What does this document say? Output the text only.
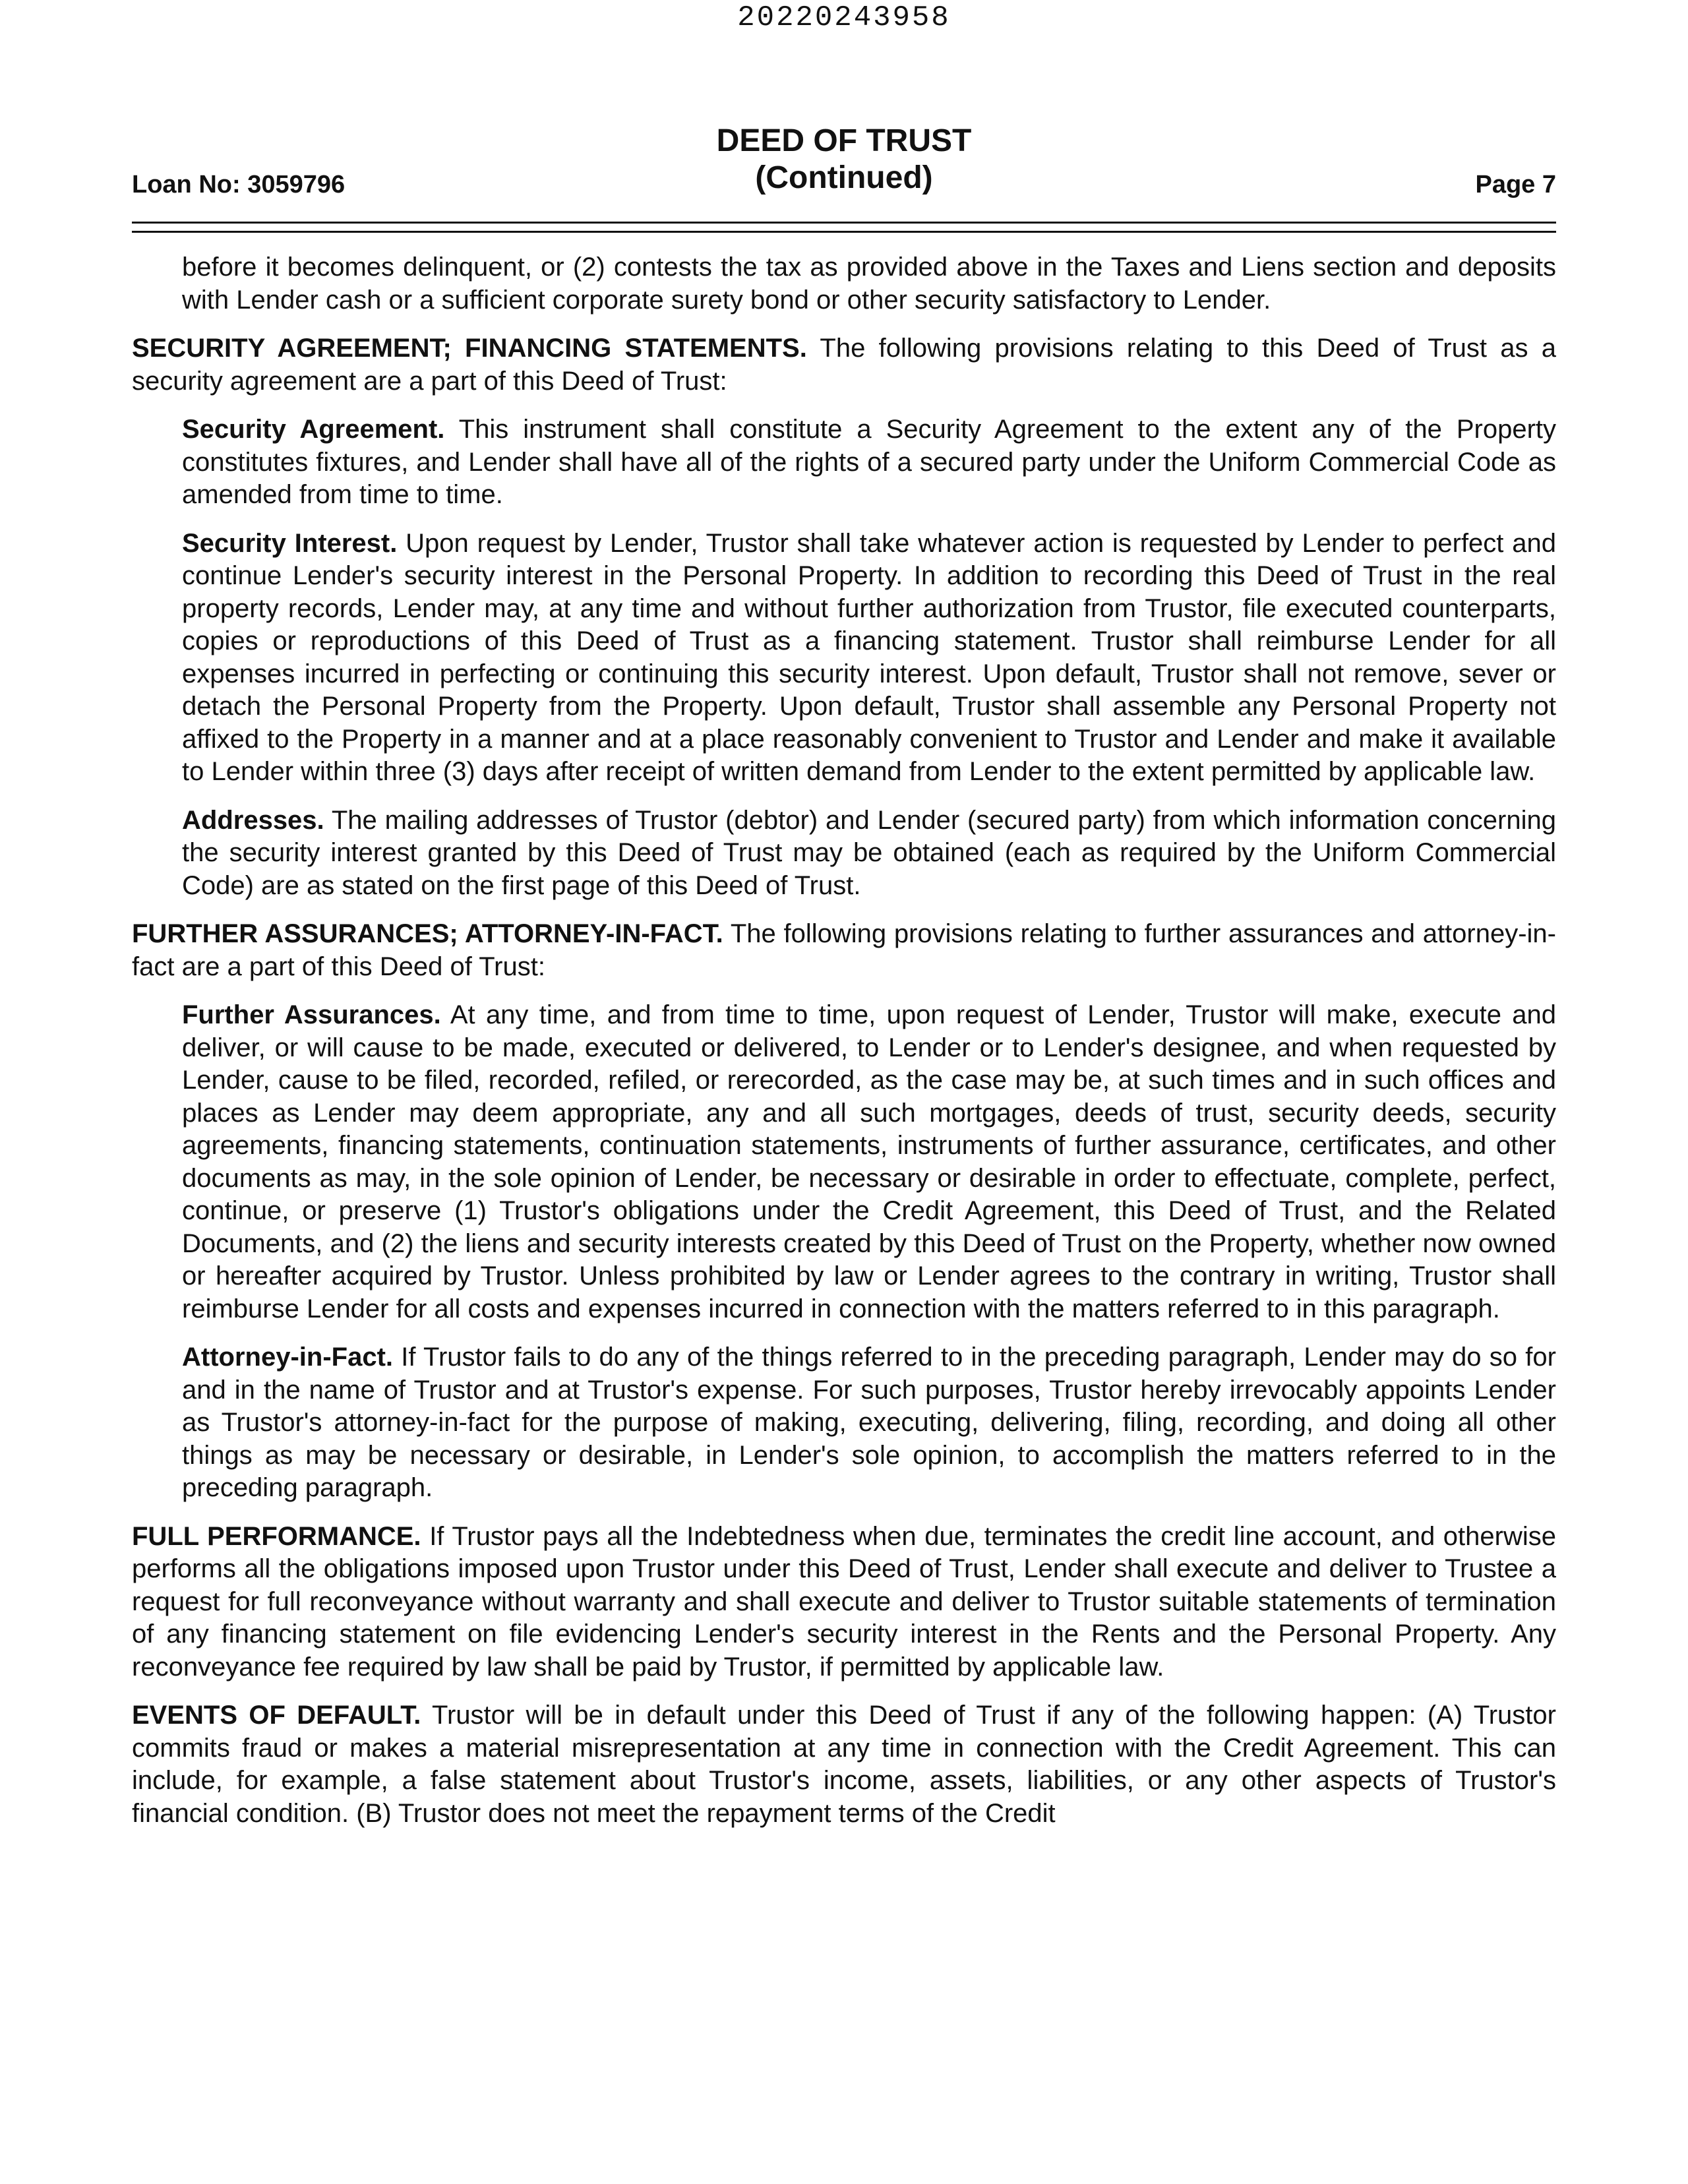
20220243958
Loan No: 3059796
DEED OF TRUST
(Continued)	Page 7

before it becomes delinquent, or (2) contests the tax as provided above in the Taxes and Liens section and deposits with Lender cash or a sufficient corporate surety bond or other security satisfactory to Lender.

SECURITY AGREEMENT; FINANCING STATEMENTS. The following provisions relating to this Deed of Trust as a security agreement are a part of this Deed of Trust:

Security Agreement. This instrument shall constitute a Security Agreement to the extent any of the Property constitutes fixtures, and Lender shall have all of the rights of a secured party under the Uniform Commercial Code as amended from time to time.

Security Interest. Upon request by Lender, Trustor shall take whatever action is requested by Lender to perfect and continue Lender's security interest in the Personal Property. In addition to recording this Deed of Trust in the real property records, Lender may, at any time and without further authorization from Trustor, file executed counterparts, copies or reproductions of this Deed of Trust as a financing statement. Trustor shall reimburse Lender for all expenses incurred in perfecting or continuing this security interest. Upon default, Trustor shall not remove, sever or detach the Personal Property from the Property. Upon default, Trustor shall assemble any Personal Property not affixed to the Property in a manner and at a place reasonably convenient to Trustor and Lender and make it available to Lender within three (3) days after receipt of written demand from Lender to the extent permitted by applicable law.

Addresses. The mailing addresses of Trustor (debtor) and Lender (secured party) from which information concerning the security interest granted by this Deed of Trust may be obtained (each as required by the Uniform Commercial Code) are as stated on the first page of this Deed of Trust.

FURTHER ASSURANCES; ATTORNEY-IN-FACT. The following provisions relating to further assurances and attorney-in-fact are a part of this Deed of Trust:

Further Assurances. At any time, and from time to time, upon request of Lender, Trustor will make, execute and deliver, or will cause to be made, executed or delivered, to Lender or to Lender's designee, and when requested by Lender, cause to be filed, recorded, refiled, or rerecorded, as the case may be, at such times and in such offices and places as Lender may deem appropriate, any and all such mortgages, deeds of trust, security deeds, security agreements, financing statements, continuation statements, instruments of further assurance, certificates, and other documents as may, in the sole opinion of Lender, be necessary or desirable in order to effectuate, complete, perfect, continue, or preserve (1) Trustor's obligations under the Credit Agreement, this Deed of Trust, and the Related Documents, and (2) the liens and security interests created by this Deed of Trust on the Property, whether now owned or hereafter acquired by Trustor. Unless prohibited by law or Lender agrees to the contrary in writing, Trustor shall reimburse Lender for all costs and expenses incurred in connection with the matters referred to in this paragraph.

Attorney-in-Fact. If Trustor fails to do any of the things referred to in the preceding paragraph, Lender may do so for and in the name of Trustor and at Trustor's expense. For such purposes, Trustor hereby irrevocably appoints Lender as Trustor's attorney-in-fact for the purpose of making, executing, delivering, filing, recording, and doing all other things as may be necessary or desirable, in Lender's sole opinion, to accomplish the matters referred to in the preceding paragraph.

FULL PERFORMANCE. If Trustor pays all the Indebtedness when due, terminates the credit line account, and otherwise performs all the obligations imposed upon Trustor under this Deed of Trust, Lender shall execute and deliver to Trustee a request for full reconveyance without warranty and shall execute and deliver to Trustor suitable statements of termination of any financing statement on file evidencing Lender's security interest in the Rents and the Personal Property. Any reconveyance fee required by law shall be paid by Trustor, if permitted by applicable law.

EVENTS OF DEFAULT. Trustor will be in default under this Deed of Trust if any of the following happen: (A) Trustor commits fraud or makes a material misrepresentation at any time in connection with the Credit Agreement. This can include, for example, a false statement about Trustor's income, assets, liabilities, or any other aspects of Trustor's financial condition. (B) Trustor does not meet the repayment terms of the Credit
